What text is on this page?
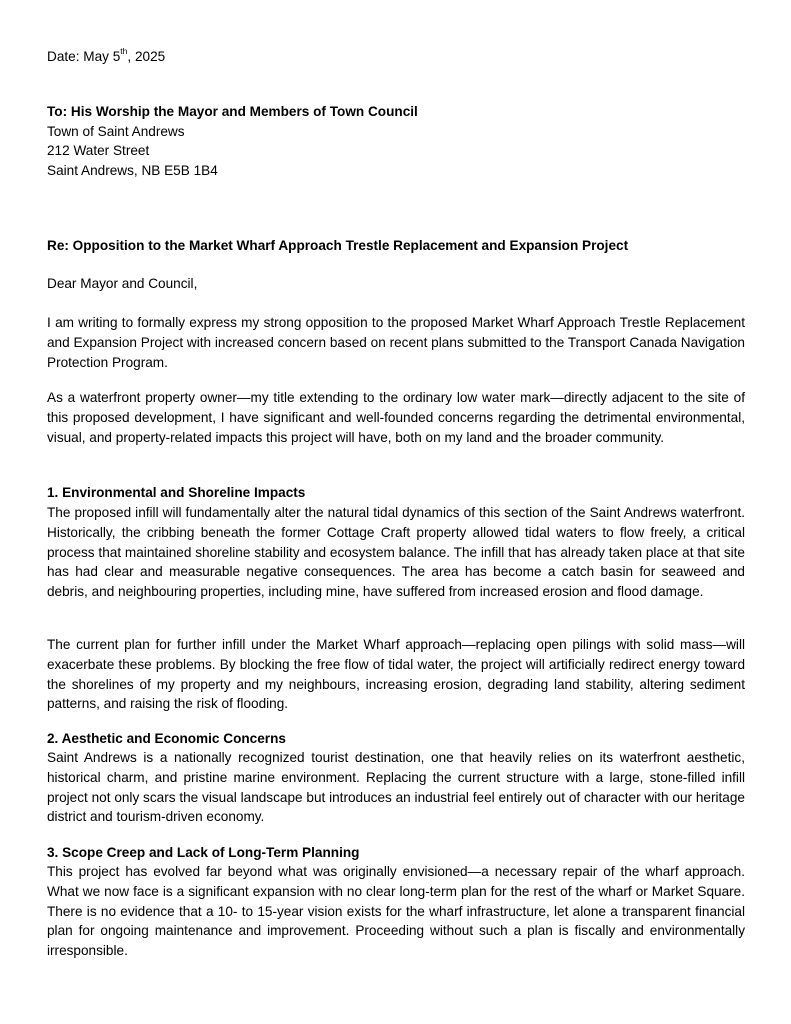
Date: May 5th, 2025

To: His Worship the Mayor and Members of Town Council

Town of Saint Andrews

212 Water Street

Saint Andrews, NB E5B 1B4

Re: Opposition to the Market Wharf Approach Trestle Replacement and Expansion Project

Dear Mayor and Council,

I am writing to formally express my strong opposition to the proposed Market Wharf Approach Trestle Replacement and Expansion Project with increased concern based on recent plans submitted to the Transport Canada Navigation Protection Program.

As a waterfront property owner—my title extending to the ordinary low water mark—directly adjacent to the site of this proposed development, I have significant and well-founded concerns regarding the detrimental environmental, visual, and property-related impacts this project will have, both on my land and the broader community.

1. Environmental and Shoreline Impacts

The proposed infill will fundamentally alter the natural tidal dynamics of this section of the Saint Andrews waterfront. Historically, the cribbing beneath the former Cottage Craft property allowed tidal waters to flow freely, a critical process that maintained shoreline stability and ecosystem balance. The infill that has already taken place at that site has had clear and measurable negative consequences. The area has become a catch basin for seaweed and debris, and neighbouring properties, including mine, have suffered from increased erosion and flood damage.

The current plan for further infill under the Market Wharf approach—replacing open pilings with solid mass—will exacerbate these problems. By blocking the free flow of tidal water, the project will artificially redirect energy toward the shorelines of my property and my neighbours, increasing erosion, degrading land stability, altering sediment patterns, and raising the risk of flooding.

2. Aesthetic and Economic Concerns

Saint Andrews is a nationally recognized tourist destination, one that heavily relies on its waterfront aesthetic, historical charm, and pristine marine environment. Replacing the current structure with a large, stone-filled infill project not only scars the visual landscape but introduces an industrial feel entirely out of character with our heritage district and tourism-driven economy.

3. Scope Creep and Lack of Long-Term Planning

This project has evolved far beyond what was originally envisioned—a necessary repair of the wharf approach. What we now face is a significant expansion with no clear long-term plan for the rest of the wharf or Market Square. There is no evidence that a 10- to 15-year vision exists for the wharf infrastructure, let alone a transparent financial plan for ongoing maintenance and improvement. Proceeding without such a plan is fiscally and environmentally irresponsible.
